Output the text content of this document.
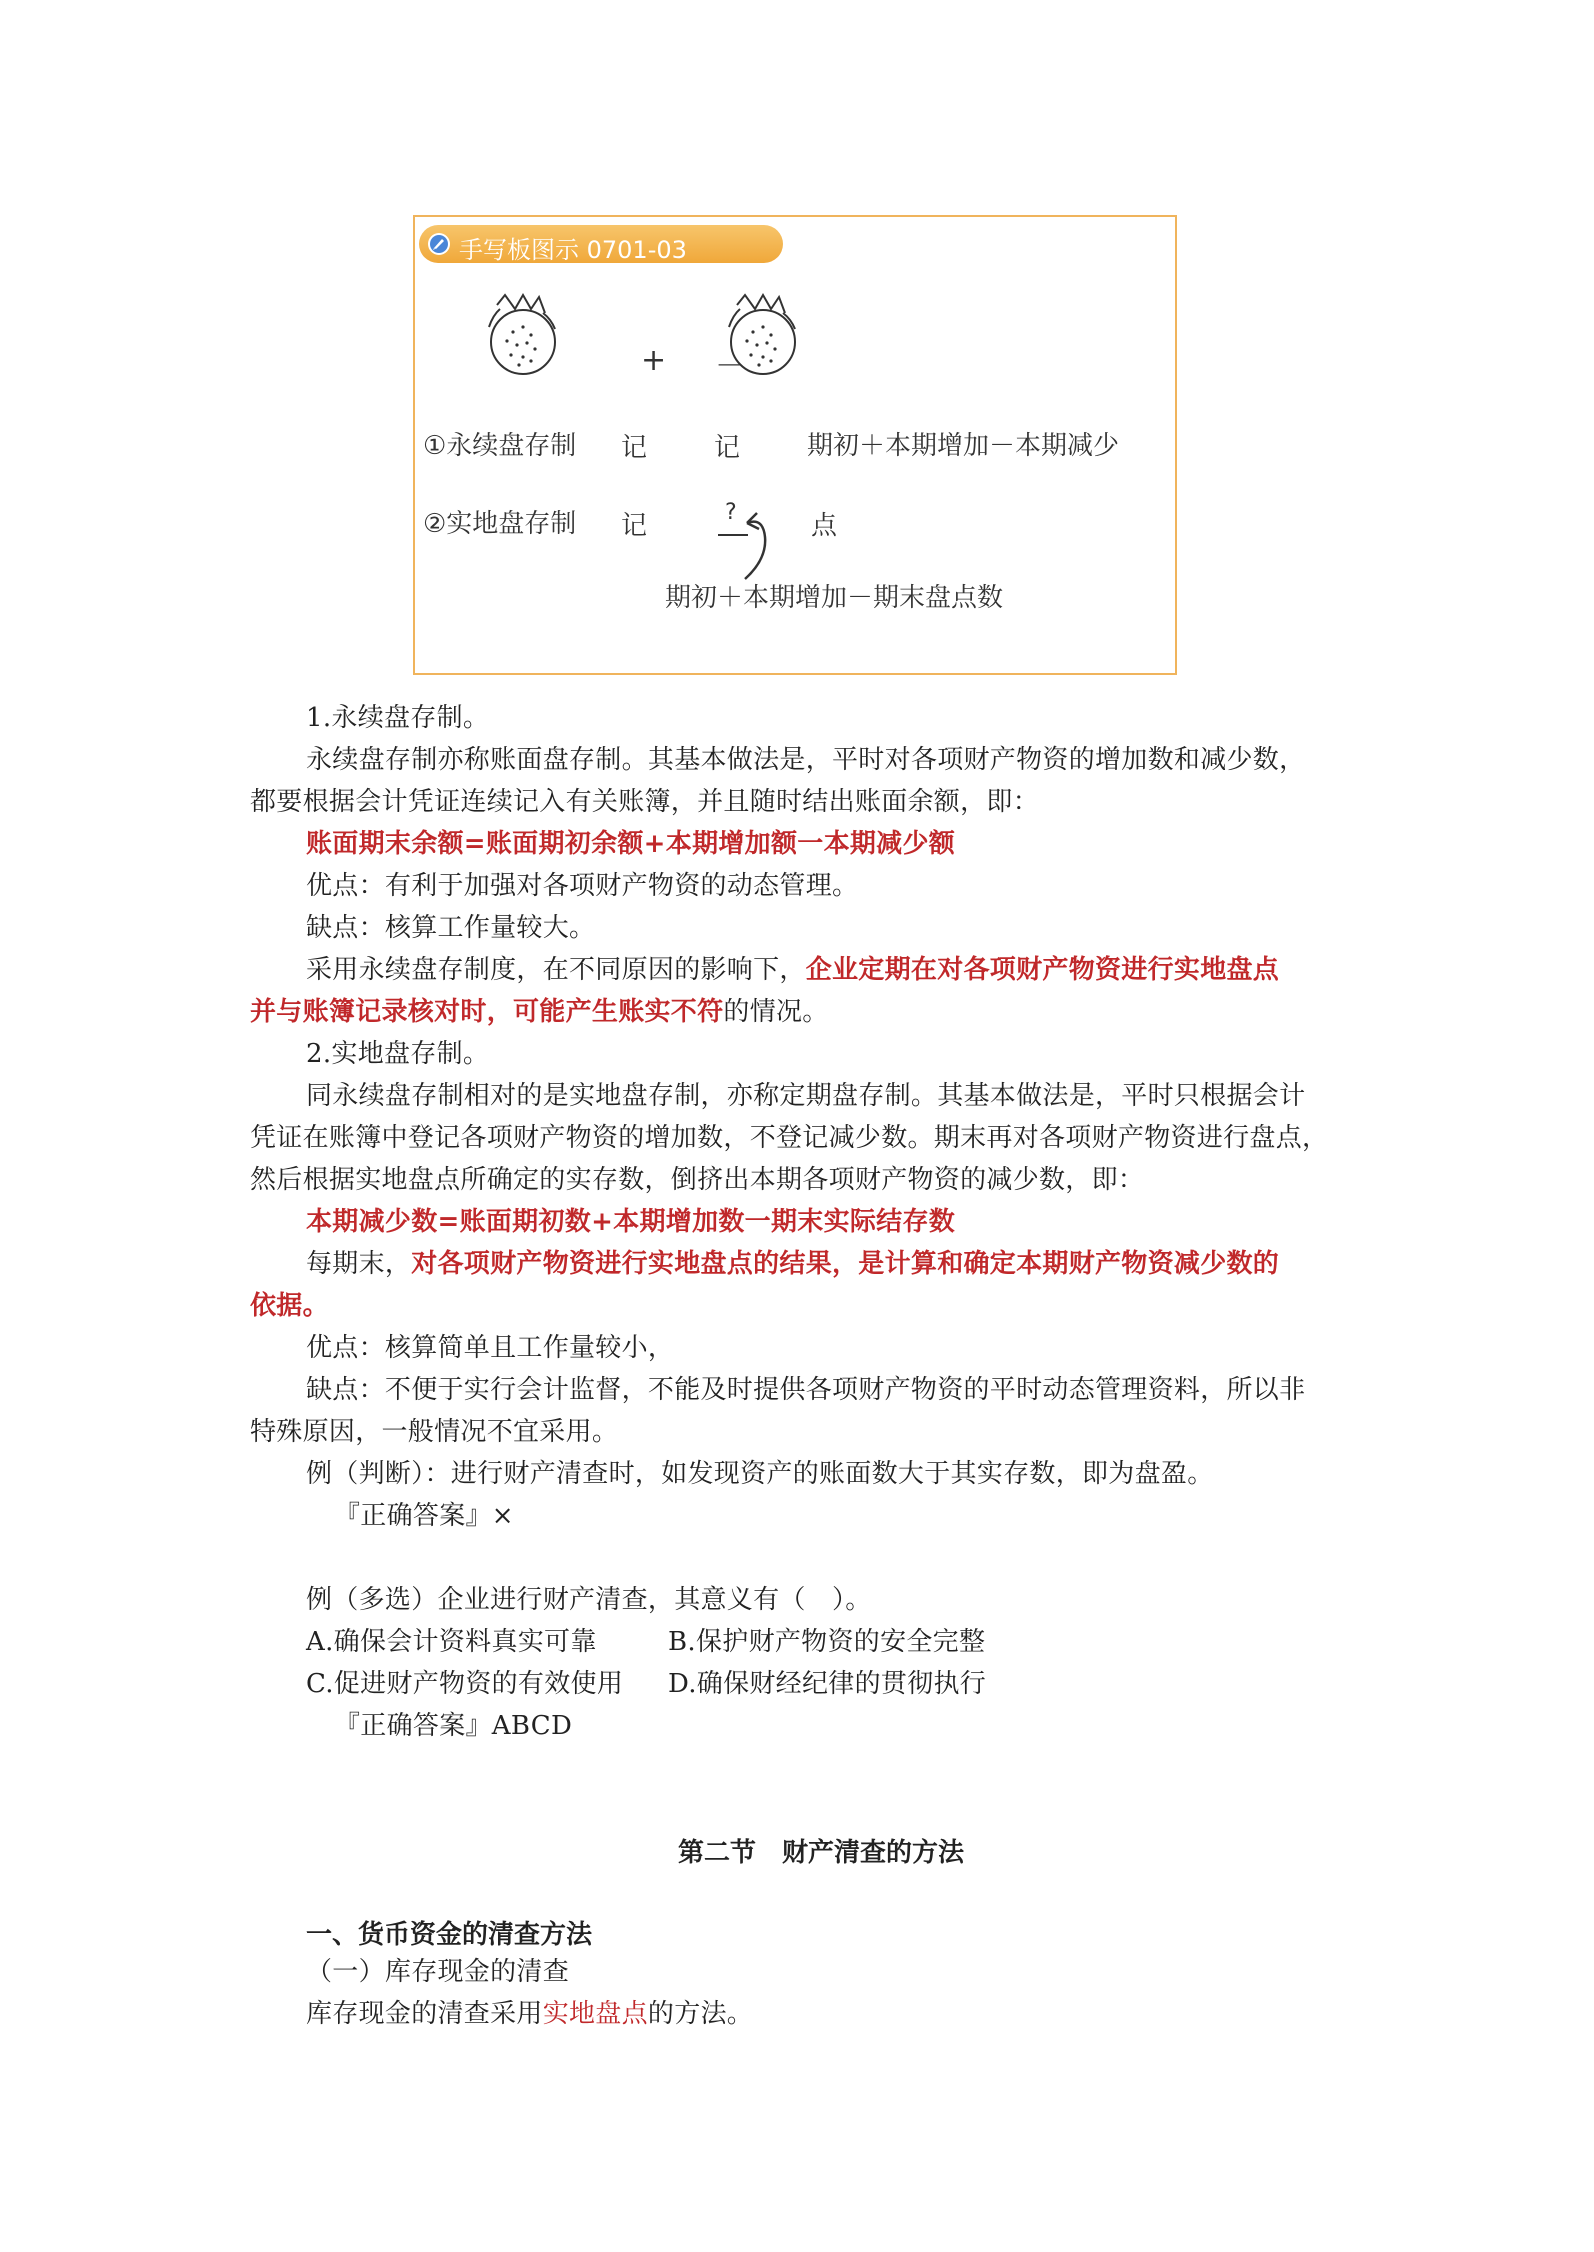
手写板图示 0701-03
+ －
①永续盘存制 记	记	期初＋本期增加－本期减少
②实地盘存制 记	?	点
期初＋本期增加－期末盘点数
1.永续盘存制。
永续盘存制亦称账面盘存制。其基本做法是，平时对各项财产物资的增加数和减少数，
都要根据会计凭证连续记入有关账簿，并且随时结出账面余额，即：
账面期末余额=账面期初余额+本期增加额一本期减少额
优点：有利于加强对各项财产物资的动态管理。
缺点：核算工作量较大。
采用永续盘存制度，在不同原因的影响下，企业定期在对各项财产物资进行实地盘点
并与账簿记录核对时，可能产生账实不符的情况。
2.实地盘存制。
同永续盘存制相对的是实地盘存制，亦称定期盘存制。其基本做法是，平时只根据会计
凭证在账簿中登记各项财产物资的增加数，不登记减少数。期末再对各项财产物资进行盘点，
然后根据实地盘点所确定的实存数，倒挤出本期各项财产物资的减少数，即：
本期减少数=账面期初数+本期增加数一期末实际结存数
每期末，对各项财产物资进行实地盘点的结果，是计算和确定本期财产物资减少数的
依据。
优点：核算简单且工作量较小，
缺点：不便于实行会计监督，不能及时提供各项财产物资的平时动态管理资料，所以非
特殊原因，一般情况不宜采用。
例（判断）：进行财产清查时，如发现资产的账面数大于其实存数，即为盘盈。
『正确答案』×
例（多选）企业进行财产清查，其意义有（　）。
A.确保会计资料真实可靠	B.保护财产物资的安全完整
C.促进财产物资的有效使用 D.确保财经纪律的贯彻执行
『正确答案』ABCD
第二节　财产清查的方法
一、货币资金的清查方法
（一）库存现金的清查
库存现金的清查采用实地盘点的方法。
